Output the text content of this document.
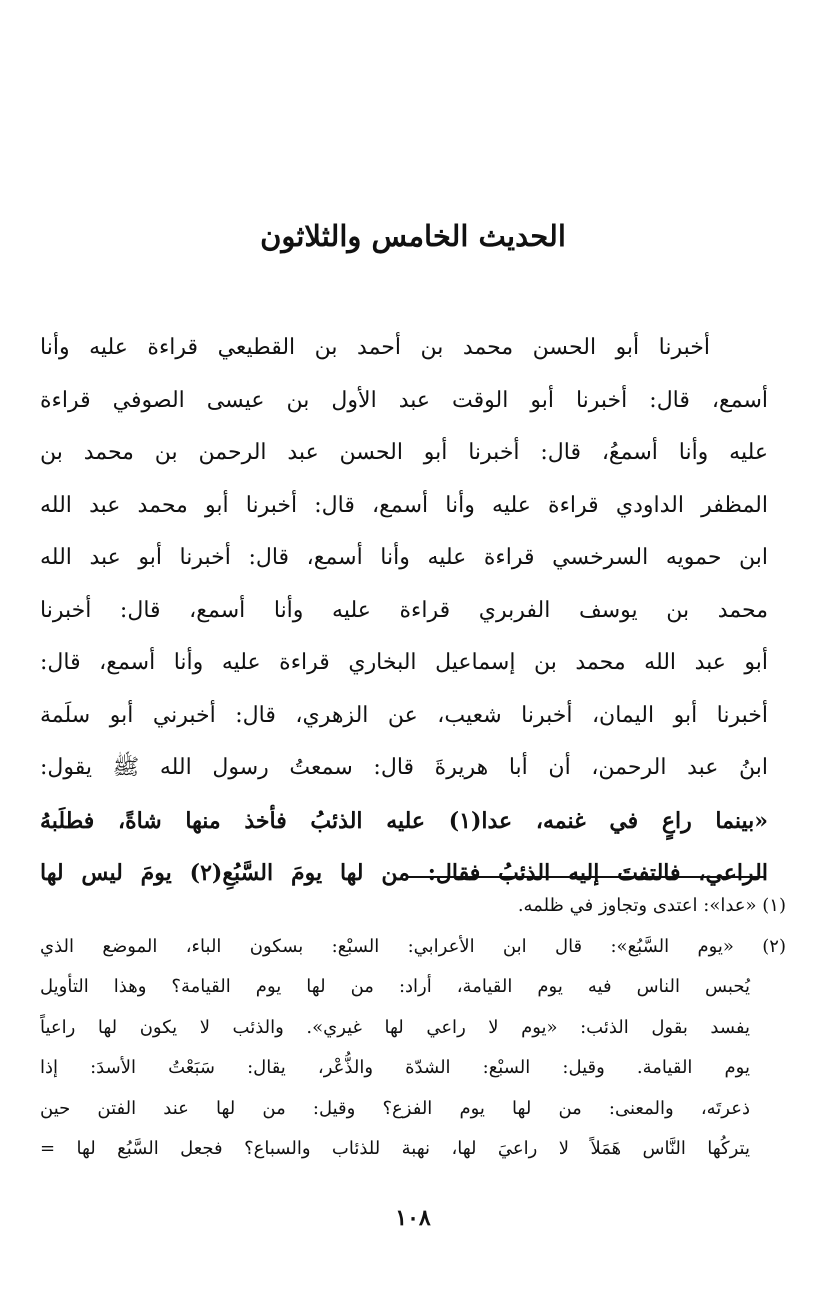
الحديث الخامس والثلاثون
أخبرنا أبو الحسن محمد بن أحمد بن القطيعي قراءة عليه وأنا
أسمع، قال: أخبرنا أبو الوقت عبد الأول بن عيسى الصوفي قراءة
عليه وأنا أسمعُ، قال: أخبرنا أبو الحسن عبد الرحمن بن محمد بن
المظفر الداودي قراءة عليه وأنا أسمع، قال: أخبرنا أبو محمد عبد الله
ابن حمويه السرخسي قراءة عليه وأنا أسمع، قال: أخبرنا أبو عبد الله
محمد بن يوسف الفربري قراءة عليه وأنا أسمع، قال: أخبرنا
أبو عبد الله محمد بن إسماعيل البخاري قراءة عليه وأنا أسمع، قال:
أخبرنا أبو اليمان، أخبرنا شعيب، عن الزهري، قال: أخبرني أبو سلَمة
ابنُ عبد الرحمن، أن أبا هريرةَ قال: سمعتُ رسول الله ﷺ يقول:
«بينما راعٍ في غنمه، عدا(١) عليه الذئبُ فأخذ منها شاةً، فطلَبهُ
الراعي، فالتفتَ إليه الذئبُ فقال: من لها يومَ السَّبُعِ(٢) يومَ ليس لها
(١) «عدا»: اعتدى وتجاوز في ظلمه.
(٢) «يوم السَّبُع»: قال ابن الأعرابي: السبْع: بسكون الباء، الموضع الذي
يُحبس الناس فيه يوم القيامة، أراد: من لها يوم القيامة؟ وهذا التأويل
يفسد بقول الذئب: «يوم لا راعي لها غيري». والذئب لا يكون لها راعياً
يوم القيامة. وقيل: السبْع: الشدّة والذُّعْر، يقال: سَبَعْتُ الأسدَ: إذا
ذعرتَه، والمعنى: من لها يوم الفزع؟ وقيل: من لها عند الفتن حين
يتركُها النَّاس هَمَلاً لا راعيَ لها، نهبة للذئاب والسباع؟ فجعل السَّبُع لها =
١٠٨
